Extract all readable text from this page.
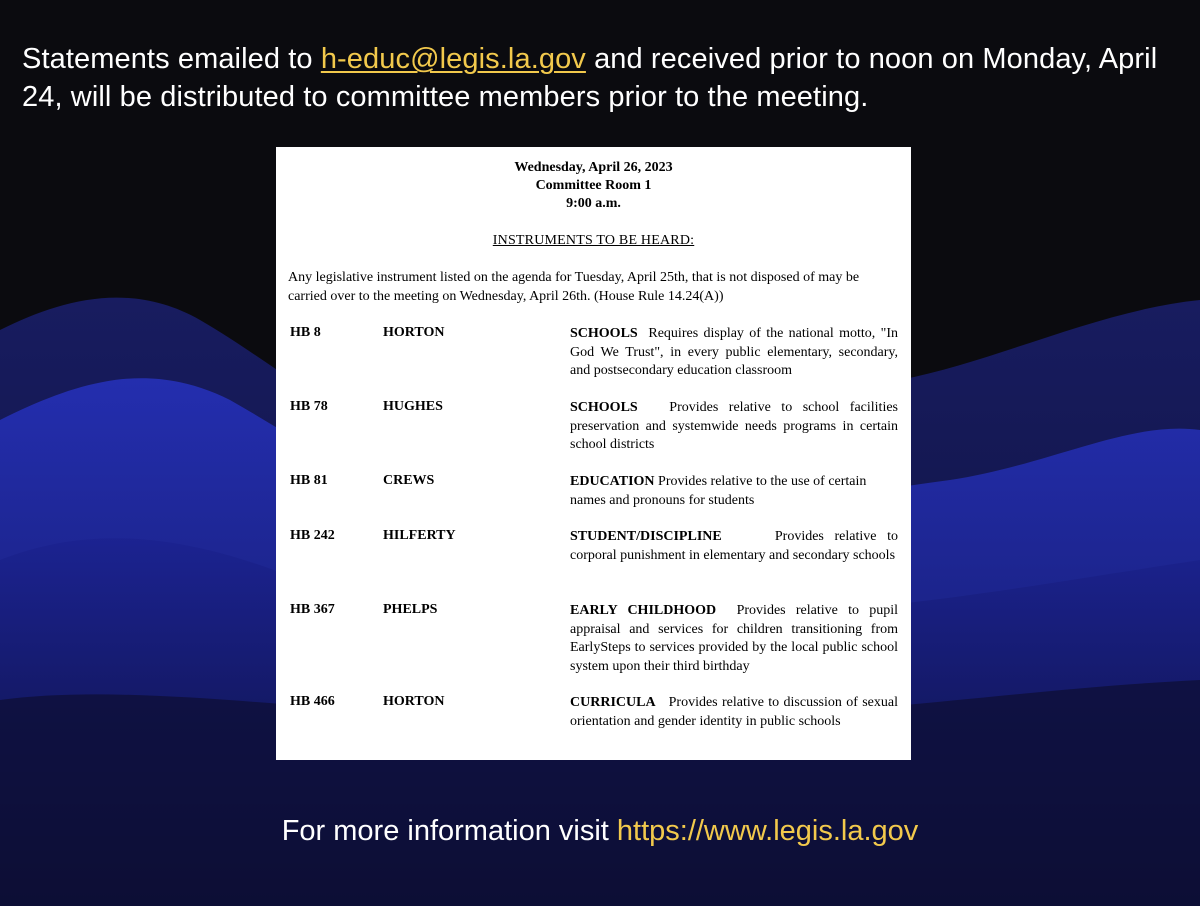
Statements emailed to h-educ@legis.la.gov and received prior to noon on Monday, April 24, will be distributed to committee members prior to the meeting.
Wednesday, April 26, 2023
Committee Room 1
9:00 a.m.
INSTRUMENTS TO BE HEARD:
Any legislative instrument listed on the agenda for Tuesday, April 25th, that is not disposed of may be carried over to the meeting on Wednesday, April 26th. (House Rule 14.24(A))
HB 8	HORTON	SCHOOLS Requires display of the national motto, "In God We Trust", in every public elementary, secondary, and postsecondary education classroom
HB 78	HUGHES	SCHOOLS Provides relative to school facilities preservation and systemwide needs programs in certain school districts
HB 81	CREWS	EDUCATION Provides relative to the use of certain names and pronouns for students
HB 242	HILFERTY	STUDENT/DISCIPLINE	Provides relative to corporal punishment in elementary and secondary schools
HB 367	PHELPS	EARLY CHILDHOOD Provides relative to pupil appraisal and services for children transitioning from EarlySteps to services provided by the local public school system upon their third birthday
HB 466	HORTON	CURRICULA Provides relative to discussion of sexual orientation and gender identity in public schools
For more information visit https://www.legis.la.gov
